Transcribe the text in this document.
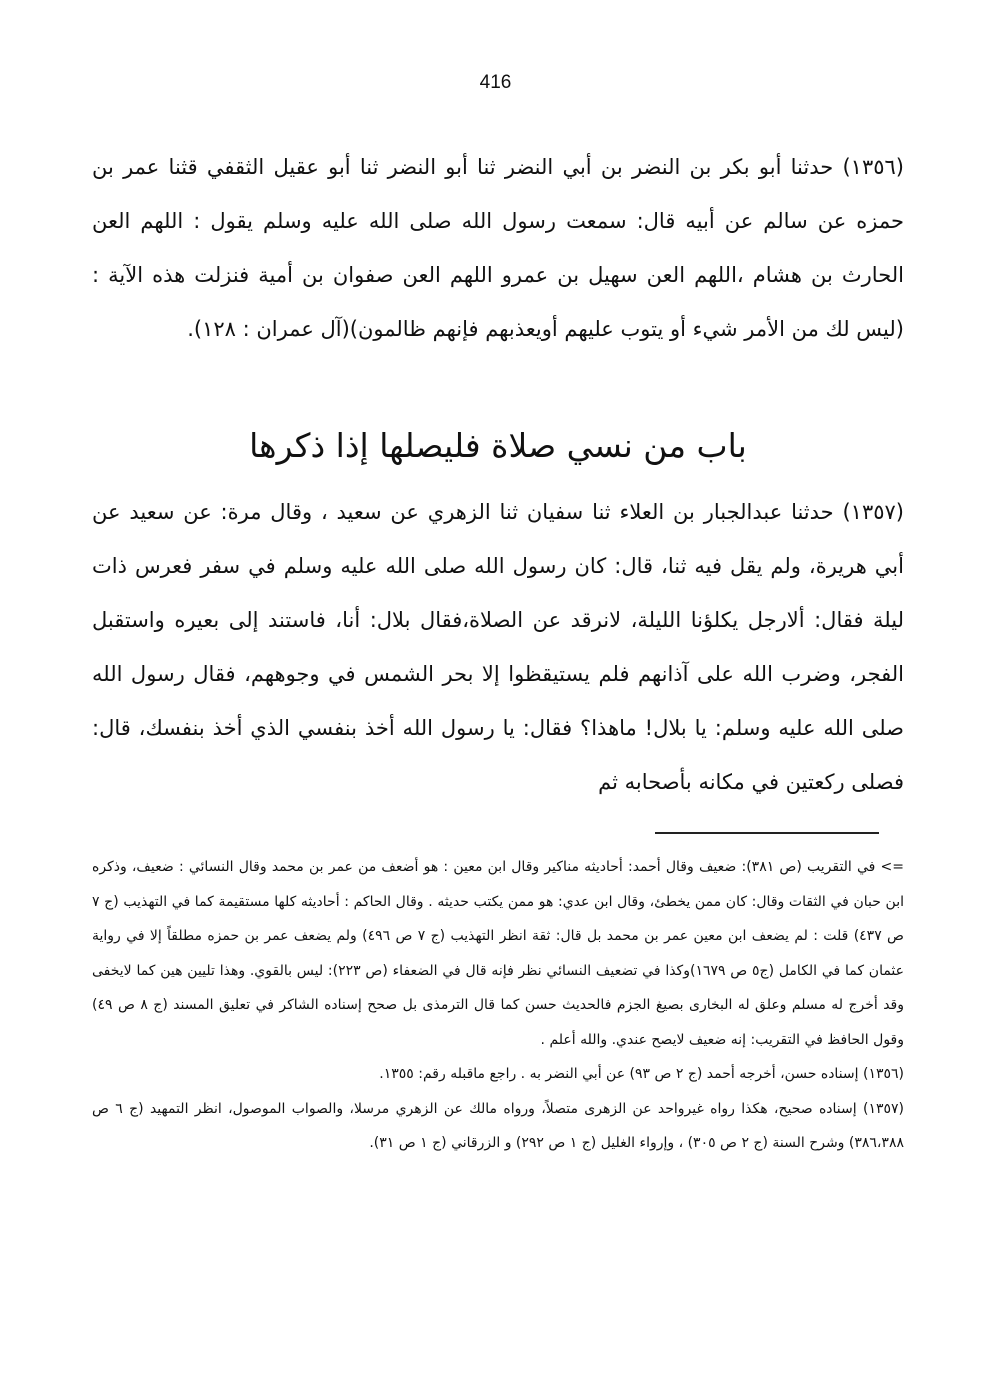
416

(١٣٥٦) حدثنا أبو بكر بن النضر بن أبي النضر ثنا أبو النضر ثنا أبو عقيل الثقفي قثنا عمر بن حمزه عن سالم عن أبيه قال: سمعت رسول الله صلى الله عليه وسلم يقول : اللهم العن الحارث بن هشام ،اللهم العن سهيل بن عمرو اللهم العن صفوان بن أمية فنزلت هذه الآية :(ليس لك من الأمر شيء أو يتوب عليهم أويعذبهم فإنهم ظالمون)(آل عمران : ١٢٨).

باب من نسي صلاة فليصلها إذا ذكرها

(١٣٥٧) حدثنا عبدالجبار بن العلاء ثنا سفيان ثنا الزهري عن سعيد ، وقال مرة: عن سعيد عن أبي هريرة، ولم يقل فيه ثنا، قال: كان رسول الله صلى الله عليه وسلم في سفر فعرس ذات ليلة فقال: ألارجل يكلؤنا الليلة، لانرقد عن الصلاة،فقال بلال: أنا، فاستند إلى بعيره واستقبل الفجر، وضرب الله على آذانهم فلم يستيقظوا إلا بحر الشمس في وجوههم، فقال رسول الله صلى الله عليه وسلم: يا بلال! ماهذا؟ فقال: يا رسول الله أخذ بنفسي الذي أخذ بنفسك، قال: فصلى ركعتين في مكانه بأصحابه ثم

=> في التقريب (ص ٣٨١): ضعيف وقال أحمد: أحاديثه مناكير وقال ابن معين : هو أضعف من عمر بن محمد وقال النسائي : ضعيف، وذكره ابن حبان في الثقات وقال: كان ممن يخطئ، وقال ابن عدي: هو ممن يكتب حديثه . وقال الحاكم : أحاديثه كلها مستقيمة كما في التهذيب (ج ٧ ص ٤٣٧) قلت : لم يضعف ابن معين عمر بن محمد بل قال: ثقة انظر التهذيب (ج ٧ ص ٤٩٦) ولم يضعف عمر بن حمزه مطلقاً إلا في رواية عثمان كما في الكامل (ج٥ ص ١٦٧٩)وكذا في تضعيف النسائي نظر فإنه قال في الضعفاء (ص ٢٢٣): ليس بالقوي. وهذا تليين هين كما لايخفى وقد أخرج له مسلم وعلق له البخارى بصيغ الجزم فالحديث حسن كما قال الترمذى بل صحح إسناده الشاكر في تعليق المسند (ج ٨ ص ٤٩) وقول الحافظ في التقريب: إنه ضعيف لايصح عندي. والله أعلم .

(١٣٥٦) إسناده حسن، أخرجه أحمد (ج ٢ ص ٩٣) عن أبي النضر به . راجع ماقبله رقم: ١٣٥٥.

(١٣٥٧) إسناده صحيح، هكذا رواه غيرواحد عن الزهرى متصلاً، ورواه مالك عن الزهري مرسلا، والصواب الموصول، انظر التمهيد (ج ٦ ص ٣٨٦،٣٨٨) وشرح السنة (ج ٢ ص ٣٠٥) ، وإرواء الغليل (ج ١ ص ٢٩٢) و الزرقاني (ج ١ ص ٣١).
